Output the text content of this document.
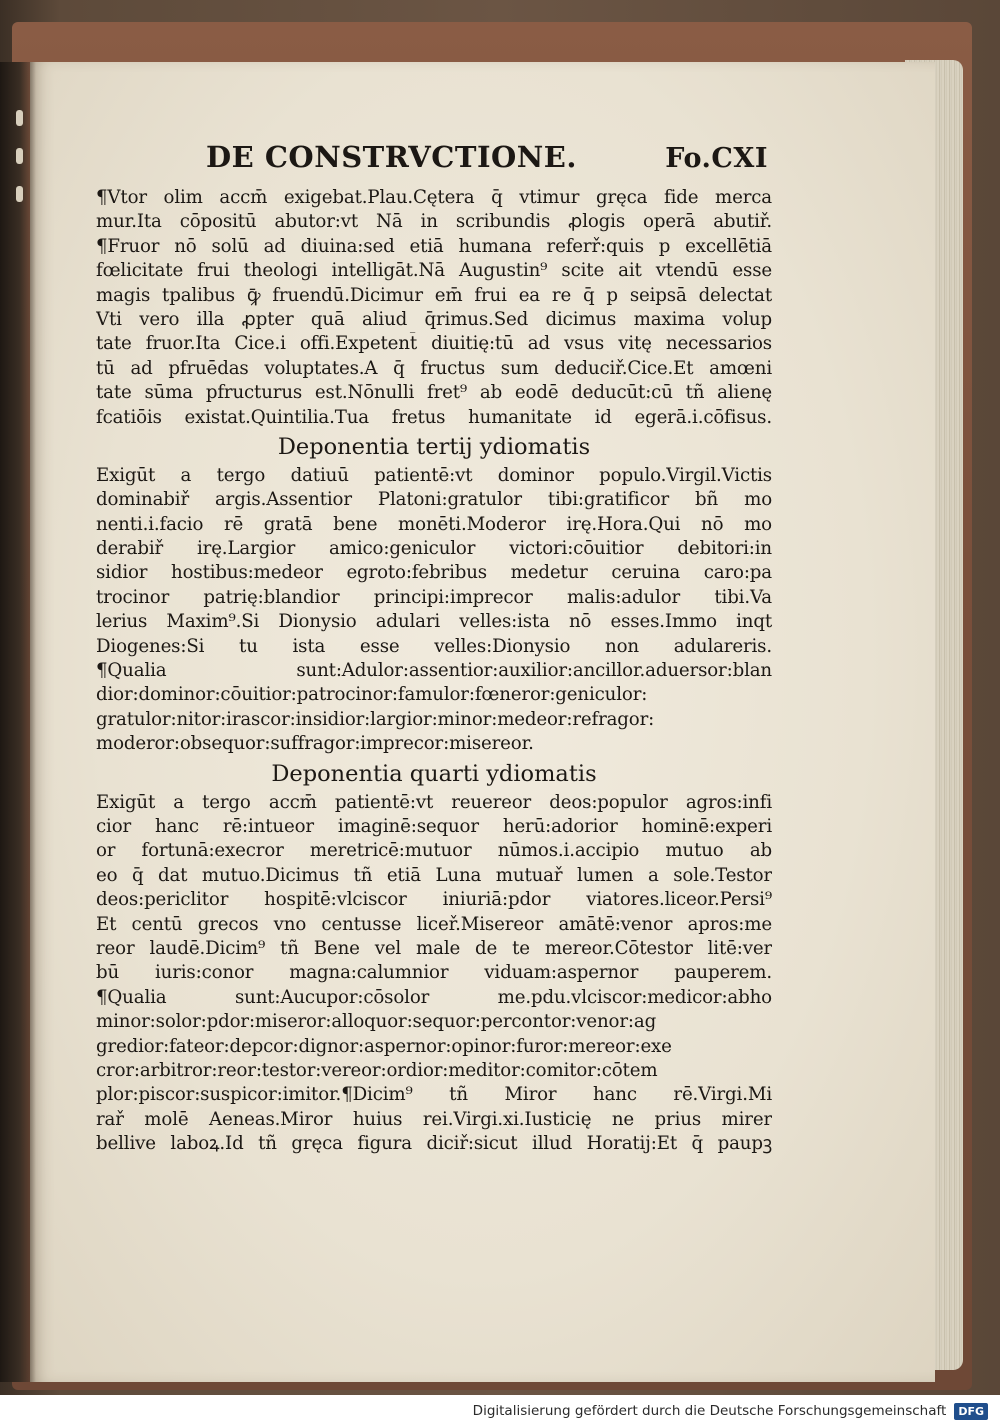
DE CONSTRVCTIONE.	Fo.CXI
¶Vtor olim accm̄ exigebat.Plau.Cętera q̄ vtimur gręca fide merca
mur.Ita cōpositū abutor:vt Nā in scribundis ꝓlogis operā abutiř.
¶Fruor nō solū ad diuina:sed etiā humana referř:quis p excellētiā
fœlicitate frui theologi intelligāt.Nā Augustin⁹ scite ait vtendū esse
magis tpalibus ꝙ̄ fruendū.Dicimur em̄ frui ea re q̄ p seipsā delectat
Vti vero illa ꝓpter quā aliud q̄rimus.Sed dicimus maxima volup
tate fruor.Ita Cice.i offi.Expetent̄ diuitię:tū ad vsus vitę necessarios
tū ad pfruēdas voluptates.A q̄ fructus sum deduciř.Cice.Et amœni
tate sūma pfructurus est.Nōnulli fret⁹ ab eodē deducūt:cū tñ alienę
fcatiōis existat.Quintilia.Tua fretus humanitate id egerā.i.cōfisus.
Deponentia tertij ydiomatis
Exigūt a tergo datiuū patientē:vt dominor populo.Virgil.Victis
dominabiř argis.Assentior Platoni:gratulor tibi:gratificor bñ mo
nenti.i.facio rē gratā bene monēti.Moderor irę.Hora.Qui nō mo
derabiř irę.Largior amico:geniculor victori:cōuitior debitori:in
sidior hostibus:medeor egroto:febribus medetur ceruina caro:pa
trocinor patrię:blandior principi:imprecor malis:adulor tibi.Va
lerius Maxim⁹.Si Dionysio adulari velles:ista nō esses.Immo inqt
Diogenes:Si tu ista esse velles:Dionysio non adulareris.
¶Qualia sunt:Adulor:assentior:auxilior:ancillor.aduersor:blan
dior:dominor:cōuitior:patrocinor:famulor:fœneror:geniculor:
gratulor:nitor:irascor:insidior:largior:minor:medeor:refragor:
moderor:obsequor:suffragor:imprecor:misereor.
Deponentia quarti ydiomatis
Exigūt a tergo accm̄ patientē:vt reuereor deos:populor agros:infi
cior hanc rē:intueor imaginē:sequor herū:adorior hominē:experi
or fortunā:execror meretricē:mutuor nūmos.i.accipio mutuo ab
eo q̄ dat mutuo.Dicimus tñ etiā Luna mutuař lumen a sole.Testor
deos:periclitor hospitē:vlciscor iniuriā:pdor viatores.liceor.Persi⁹
Et centū grecos vno centusse liceř.Misereor amātē:venor apros:me
reor laudē.Dicim⁹ tñ Bene vel male de te mereor.Cōtestor litē:ver
bū iuris:conor magna:calumnior viduam:aspernor pauperem.
¶Qualia sunt:Aucupor:cōsolor me.pdu.vlciscor:medicor:abho
minor:solor:pdor:miseror:alloquor:sequor:percontor:venor:ag
gredior:fateor:depcor:dignor:aspernor:opinor:furor:mereor:exe
cror:arbitror:reor:testor:vereor:ordior:meditor:comitor:cōtem
plor:piscor:suspicor:imitor.¶Dicim⁹ tñ Miror hanc rē.Virgi.Mi
rař molē Aeneas.Miror huius rei.Virgi.xi.Iusticię ne prius mirer
bellive laboꝝ.Id tñ gręca figura diciř:sicut illud Horatij:Et q̄ paupꝫ
Digitalisierung gefördert durch die Deutsche Forschungsgemeinschaft	DFG
